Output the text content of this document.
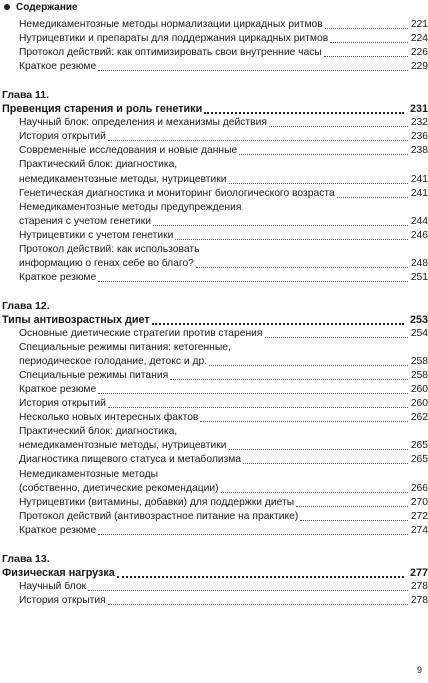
Содержание
Немедикаментозные методы нормализации циркадных ритмов	221
Нутрицевтики и препараты для поддержания циркадных ритмов	224
Протокол действий: как оптимизировать свои внутренние часы	226
Краткое резюме	229
Глава 11.
Превенция старения и роль генетики	231
Научный блок: определения и механизмы действия	232
История открытий	236
Современные исследования и новые данные	238
Практический блок: диагностика,
немедикаментозные методы, нутрицевтики	241
Генетическая диагностика и мониторинг биологического возраста	241
Немедикаментозные методы предупреждения
старения с учетом генетики	244
Нутрицевтики с учетом генетики	246
Протокол действий: как использовать
информацию о генах себе во благо?	248
Краткое резюме	251
Глава 12.
Типы антивозрастных диет	253
Основные диетические стратегии против старения	254
Специальные режимы питания: кетогенные,
периодическое голодание, детокс и др.	258
Специальные режимы питания	258
Краткое резюме	260
История открытий	260
Несколько новых интересных фактов	262
Практический блок: диагностика,
немедикаментозные методы, нутрицевтики	265
Диагностика пищевого статуса и метаболизма	265
Немедикаментозные методы
(собственно, диетические рекомендации)	266
Нутрицевтики (витамины, добавки) для поддержки диеты	270
Протокол действий (антивозрастное питание на практике)	272
Краткое резюме	274
Глава 13.
Физическая нагрузка	277
Научный блок	278
История открытия	278
9
